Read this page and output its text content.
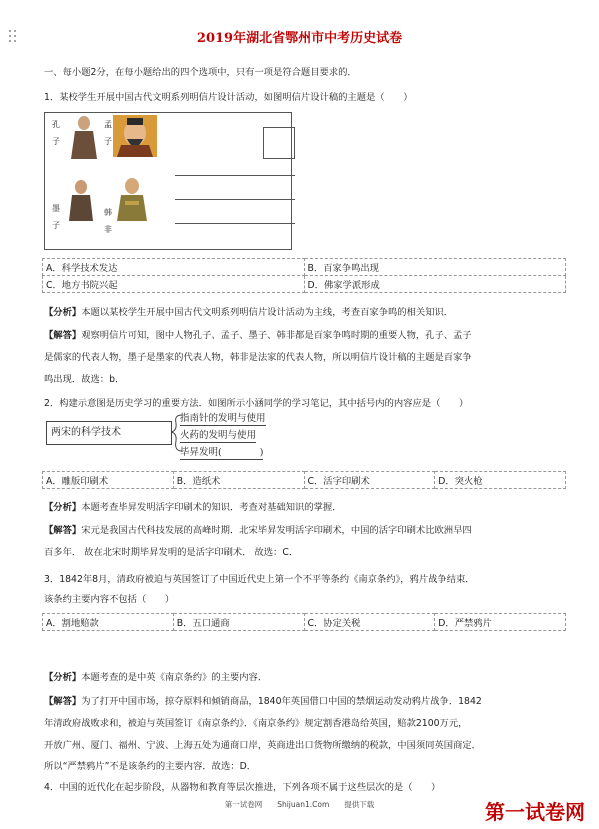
2019年湖北省鄂州市中考历史试卷
一、每小题2分，在每小题给出的四个选项中，只有一项是符合题目要求的．
1．某校学生开展中国古代文明系列明信片设计活动，如图明信片设计稿的主题是（　　）
孔
子
孟
子
墨
子
韩
非
A．科学技术发达	B．百家争鸣出现
C．地方书院兴起	D．佛家学派形成
【分析】本题以某校学生开展中国古代文明系列明信片设计活动为主线，考查百家争鸣的相关知识．
【解答】观察明信片可知，图中人物孔子、孟子、墨子、韩非都是百家争鸣时期的重要人物，孔子、孟子
是儒家的代表人物，墨子是墨家的代表人物，韩非是法家的代表人物，所以明信片设计稿的主题是百家争
鸣出现．故选：b．
2．构建示意图是历史学习的重要方法．如图所示小涵同学的学习笔记，其中括号内的内容应是（　　）
两宋的科学技术
指南针的发明与使用
火药的发明与使用
毕昇发明(　　　　)
A．雕版印刷术	B．造纸术	C．活字印刷术	D．突火枪
【分析】本题考查毕昇发明活字印刷术的知识．考查对基础知识的掌握．
【解答】宋元是我国古代科技发展的高峰时期．北宋毕昇发明活字印刷术，中国的活字印刷术比欧洲早四
百多年． 故在北宋时期毕昇发明的是活字印刷术． 故选：C．
3．1842年8月，清政府被迫与英国签订了中国近代史上第一个不平等条约《南京条约》，鸦片战争结束．
该条约主要内容不包括（　　）
A．割地赔款	B．五口通商	C．协定关税	D．严禁鸦片
【分析】本题考查的是中英《南京条约》的主要内容．
【解答】为了打开中国市场，掠夺原料和倾销商品，1840年英国借口中国的禁烟运动发动鸦片战争．1842
年清政府战败求和，被迫与英国签订《南京条约》．《南京条约》规定割香港岛给英国，赔款2100万元，
开放广州、厦门、福州、宁波、上海五处为通商口岸，英商进出口货物所缴纳的税款，中国须同英国商定．
所以“严禁鸦片”不是该条约的主要内容．故选：D．
4．中国的近代化在起步阶段，从器物和教育等层次推进，下列各项不属于这些层次的是（　　）
第一试卷网　　Shijuan1.Com　　提供下载	第一试卷网
